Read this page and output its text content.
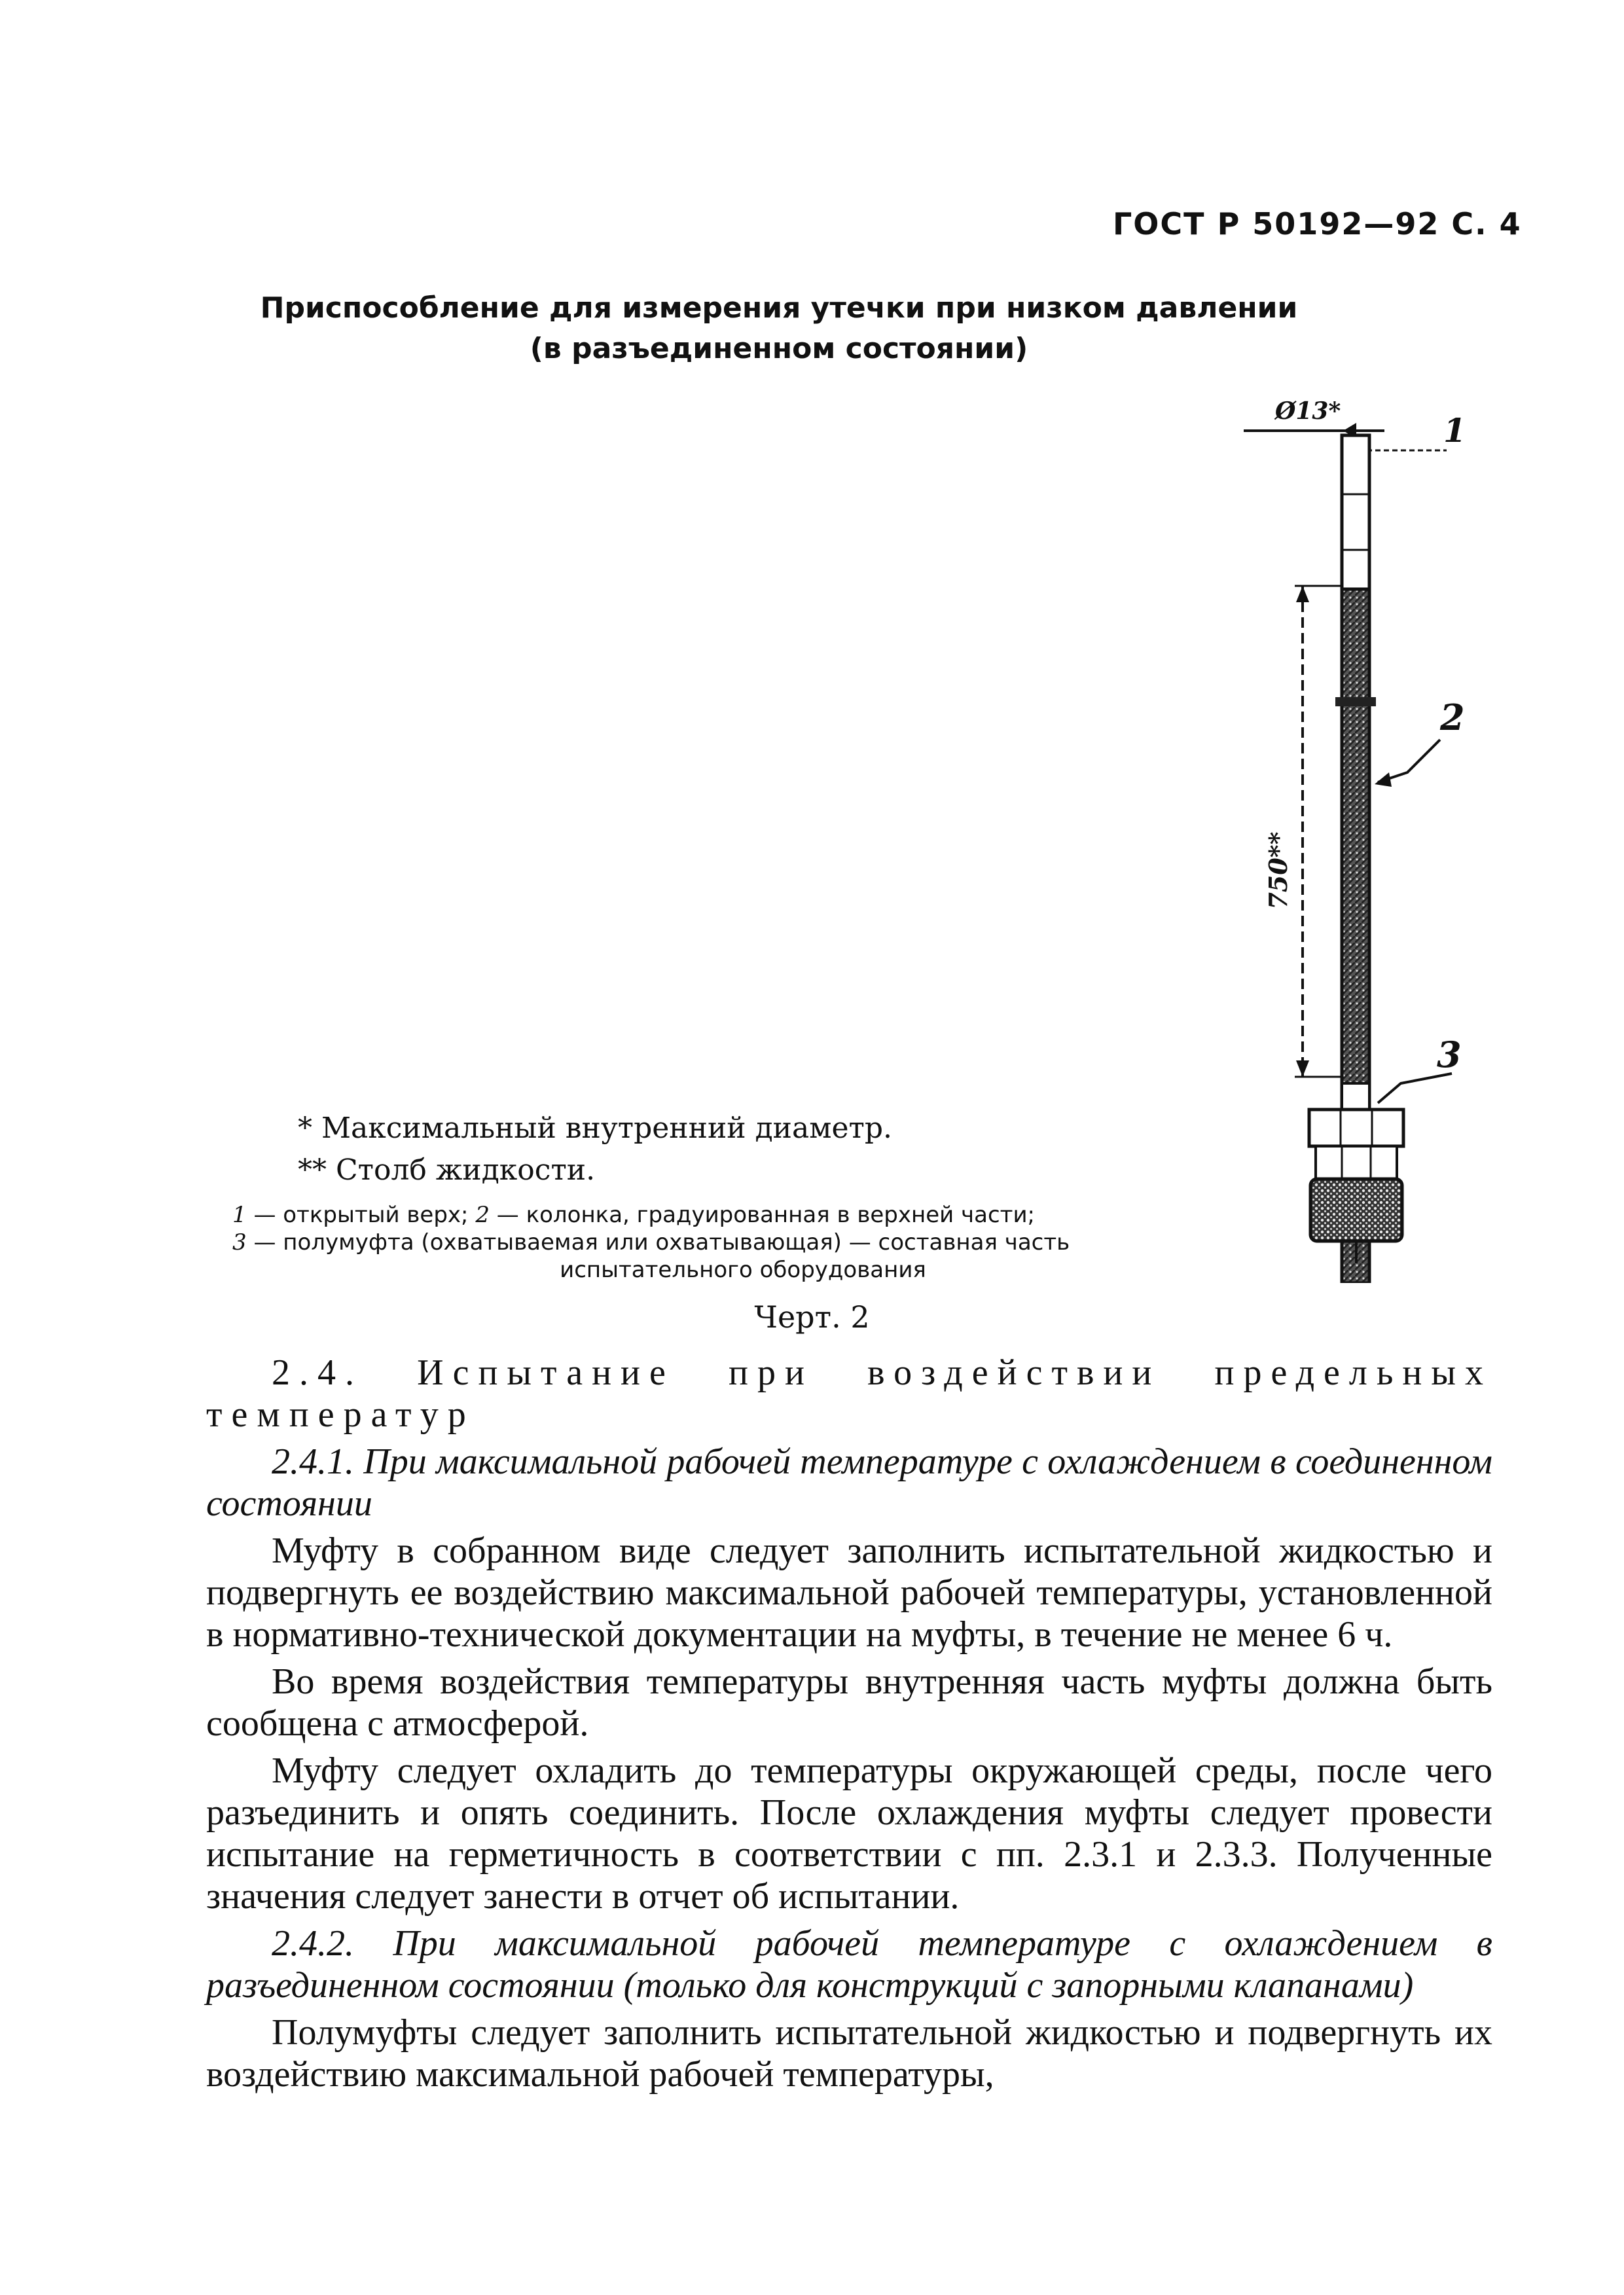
ГОСТ Р 50192—92 С. 4
Приспособление для измерения утечки при низком давлении
(в разъединенном состоянии)
Ø13*	1
750**
2
3
* Максимальный внутренний диаметр.
** Столб жидкости.
1 — открытый верх; 2 — колонка, градуированная в верхней части;
3 — полумуфта (охватываемая или охватывающая) — составная часть
испытательного оборудования
Черт. 2

2.4. Испытание при воздействии предельных температур

2.4.1. При максимальной рабочей температуре с охлаждением в соединенном состоянии

Муфту в собранном виде следует заполнить испытательной жидкостью и подвергнуть ее воздействию максимальной рабочей температуры, установленной в нормативно-технической документации на муфты, в течение не менее 6 ч.

Во время воздействия температуры внутренняя часть муфты должна быть сообщена с атмосферой.

Муфту следует охладить до температуры окружающей среды, после чего разъединить и опять соединить. После охлаждения муфты следует провести испытание на герметичность в соответствии с пп. 2.3.1 и 2.3.3. Полученные значения следует занести в отчет об испытании.

2.4.2. При максимальной рабочей температуре с охлаждением в разъединенном состоянии (только для конструкций с запорными клапанами)

Полумуфты следует заполнить испытательной жидкостью и подвергнуть их воздействию максимальной рабочей температуры,
